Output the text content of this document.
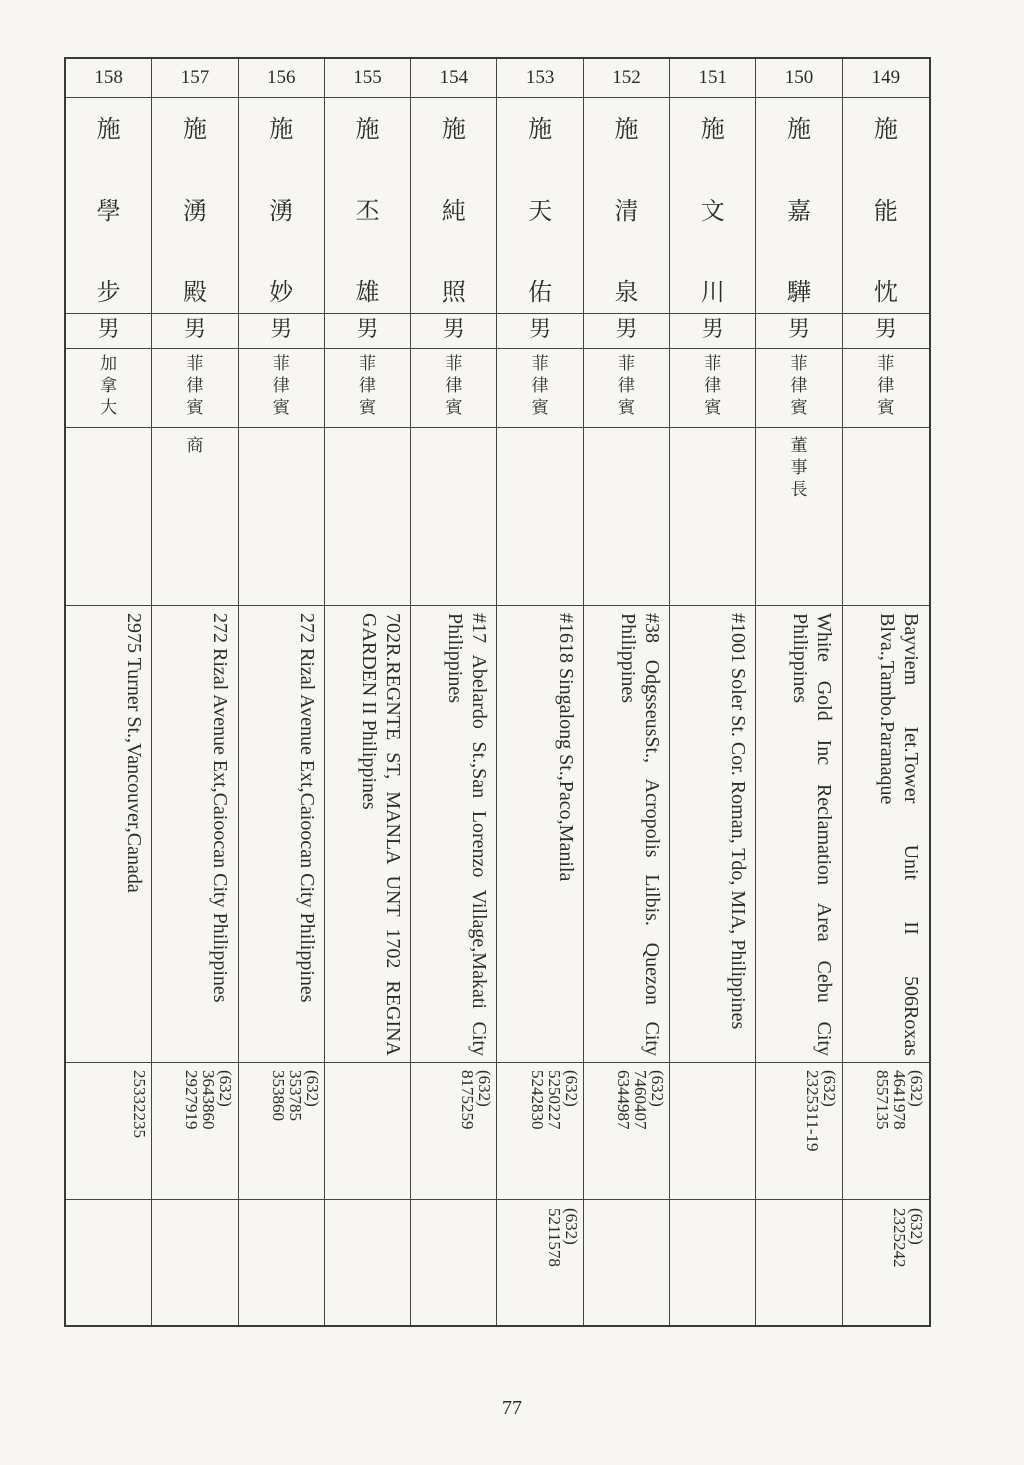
158
施
學
步
男
加
拿
大
2975 Turner St.,Vancouver,Canada
25332235
157
施
湧
殿
男
菲
律
賓
商
272 Rizal Avenue Ext,Caioocan City Philippines
(632)
3643860
2927919
156
施
湧
妙
男
菲
律
賓
272 Rizal Avenue Ext,Caioocan City Philippines
(632)
353785
353860
155
施
丕
雄
男
菲
律
賓
702R.REGNTE ST, MANLA UNT 1702 REGINA GARDEN II Philippines
154
施
純
照
男
菲
律
賓
#17 Abelardo St.,San Lorenzo Village,Makati City Philippines
(632)
8175259
153
施
天
佑
男
菲
律
賓
#1618 Singalong St.,Paco,Manila
(632)
5250227
5242830
(632)
5211578
152
施
清
泉
男
菲
律
賓
#38 OdgsseusSt., Acropolis Lilbis. Quezon City Philippines
(632)
7460407
6344987
151
施
文
川
男
菲
律
賓
#1001 Soler St. Cor. Roman, Tdo, MIA, Philippines
150
施
嘉
驊
男
菲
律
賓
董
事
長
White Gold Inc Reclamation Area Cebu City Philippines
(632)
2325311-19
149
施
能
忱
男
菲
律
賓
Bayviem Iet.Tower Unit II 506Roxas Blva.,Tambo.Paranaque
(632)
4641978
8557135
(632)
2325242
77
